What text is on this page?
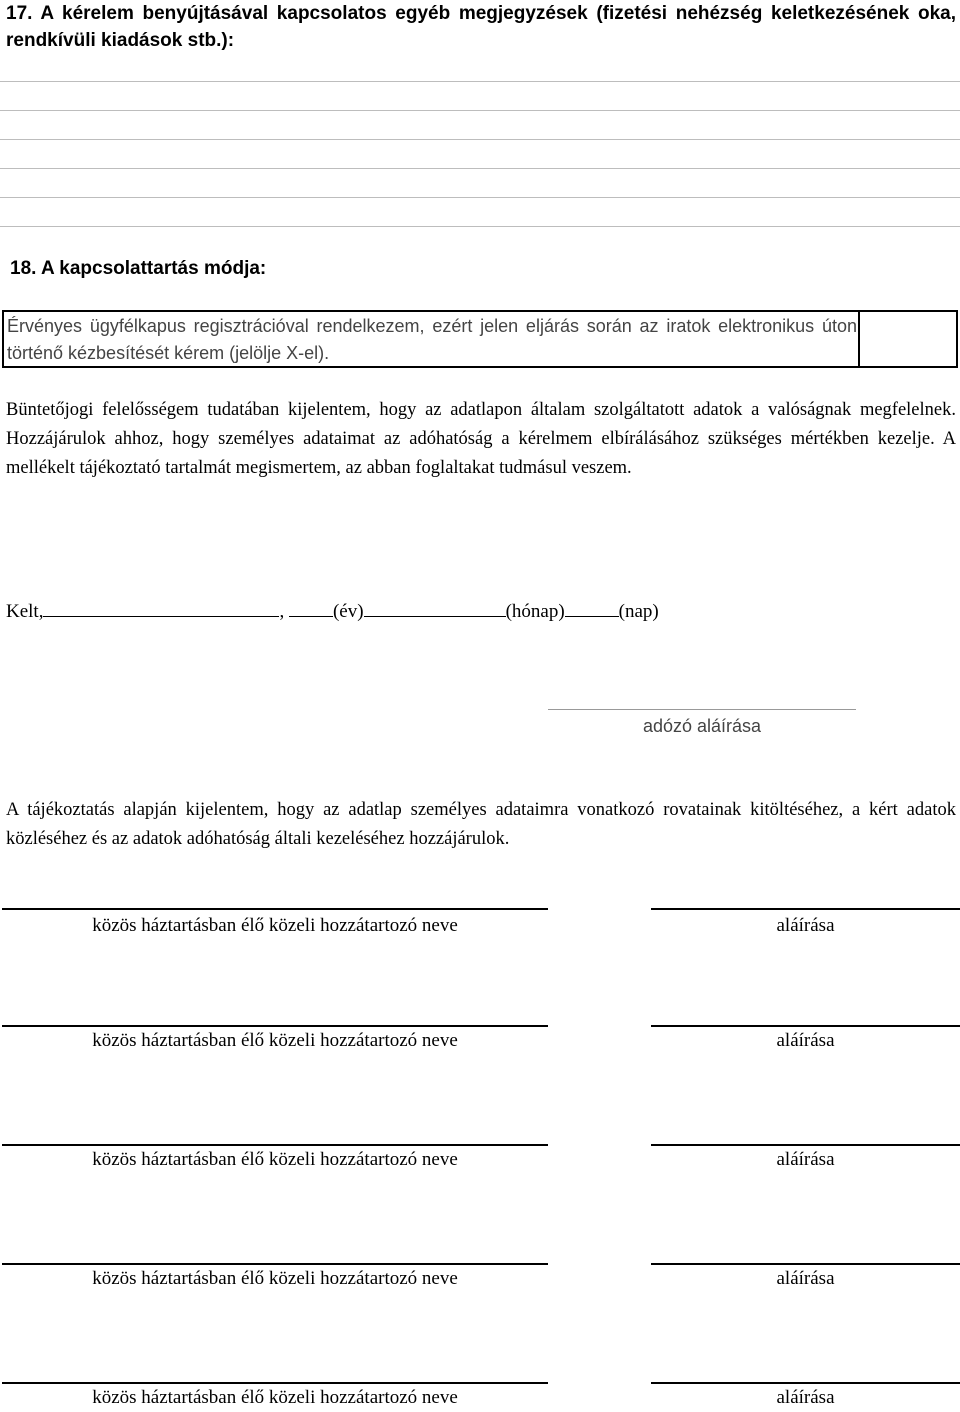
17. A kérelem benyújtásával kapcsolatos egyéb megjegyzések (fizetési nehézség keletkezésének oka, rendkívüli kiadások stb.):
18. A kapcsolattartás módja:
Érvényes ügyfélkapus regisztrációval rendelkezem, ezért jelen eljárás során az iratok elektronikus úton történő kézbesítését kérem (jelölje X-el).
Büntetőjogi felelősségem tudatában kijelentem, hogy az adatlapon általam szolgáltatott adatok a valóságnak megfelelnek. Hozzájárulok ahhoz, hogy személyes adataimat az adóhatóság a kérelmem elbírálásához szükséges mértékben kezelje. A mellékelt tájékoztató tartalmát megismertem, az abban foglaltakat tudmásul veszem.
Kelt,	,	(év)	(hónap)	(nap)
adózó aláírása
A tájékoztatás alapján kijelentem, hogy az adatlap személyes adataimra vonatkozó rovatainak kitöltéséhez, a kért adatok közléséhez és az adatok adóhatóság általi kezeléséhez hozzájárulok.
közös háztartásban élő közeli hozzátartozó neve	aláírása
közös háztartásban élő közeli hozzátartozó neve	aláírása
közös háztartásban élő közeli hozzátartozó neve	aláírása
közös háztartásban élő közeli hozzátartozó neve	aláírása
közös háztartásban élő közeli hozzátartozó neve	aláírása
